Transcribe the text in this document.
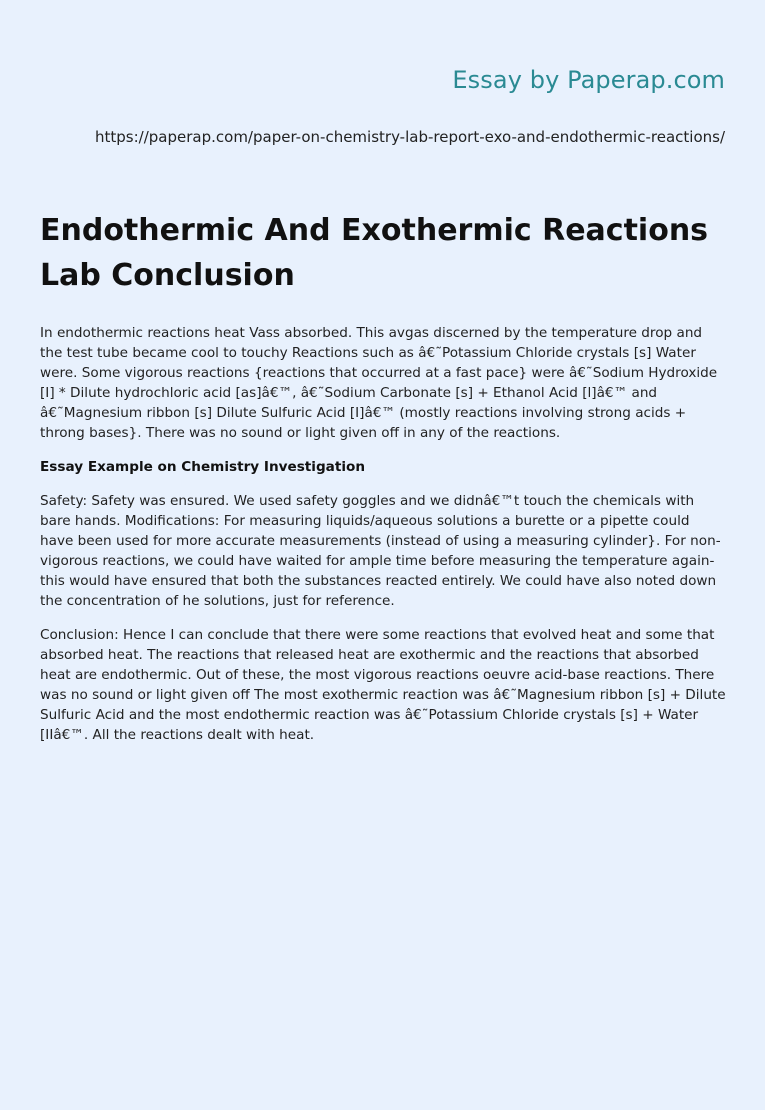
Essay by Paperap.com
https://paperap.com/paper-on-chemistry-lab-report-exo-and-endothermic-reactions/
Endothermic And Exothermic Reactions Lab Conclusion

In endothermic reactions heat Vass absorbed. This avgas discerned by the temperature drop and the test tube became cool to touchy Reactions such as â€˜Potassium Chloride crystals [s] Water were. Some vigorous reactions {reactions that occurred at a fast pace} were â€˜Sodium Hydroxide [I] * Dilute hydrochloric acid [as]â€™, â€˜Sodium Carbonate [s] + Ethanol Acid [l]â€™ and â€˜Magnesium ribbon [s] Dilute Sulfuric Acid [I]â€™ (mostly reactions involving strong acids + throng bases}. There was no sound or light given off in any of the reactions.

Essay Example on Chemistry Investigation

Safety: Safety was ensured. We used safety goggles and we didnâ€™t touch the chemicals with bare hands. Modifications: For measuring liquids/aqueous solutions a burette or a pipette could have been used for more accurate measurements (instead of using a measuring cylinder}. For non-vigorous reactions, we could have waited for ample time before measuring the temperature again-this would have ensured that both the substances reacted entirely. We could have also noted down the concentration of he solutions, just for reference.

Conclusion: Hence I can conclude that there were some reactions that evolved heat and some that absorbed heat. The reactions that released heat are exothermic and the reactions that absorbed heat are endothermic. Out of these, the most vigorous reactions oeuvre acid-base reactions. There was no sound or light given off The most exothermic reaction was â€˜Magnesium ribbon [s] + Dilute Sulfuric Acid and the most endothermic reaction was â€˜Potassium Chloride crystals [s] + Water [IIâ€™. All the reactions dealt with heat.
